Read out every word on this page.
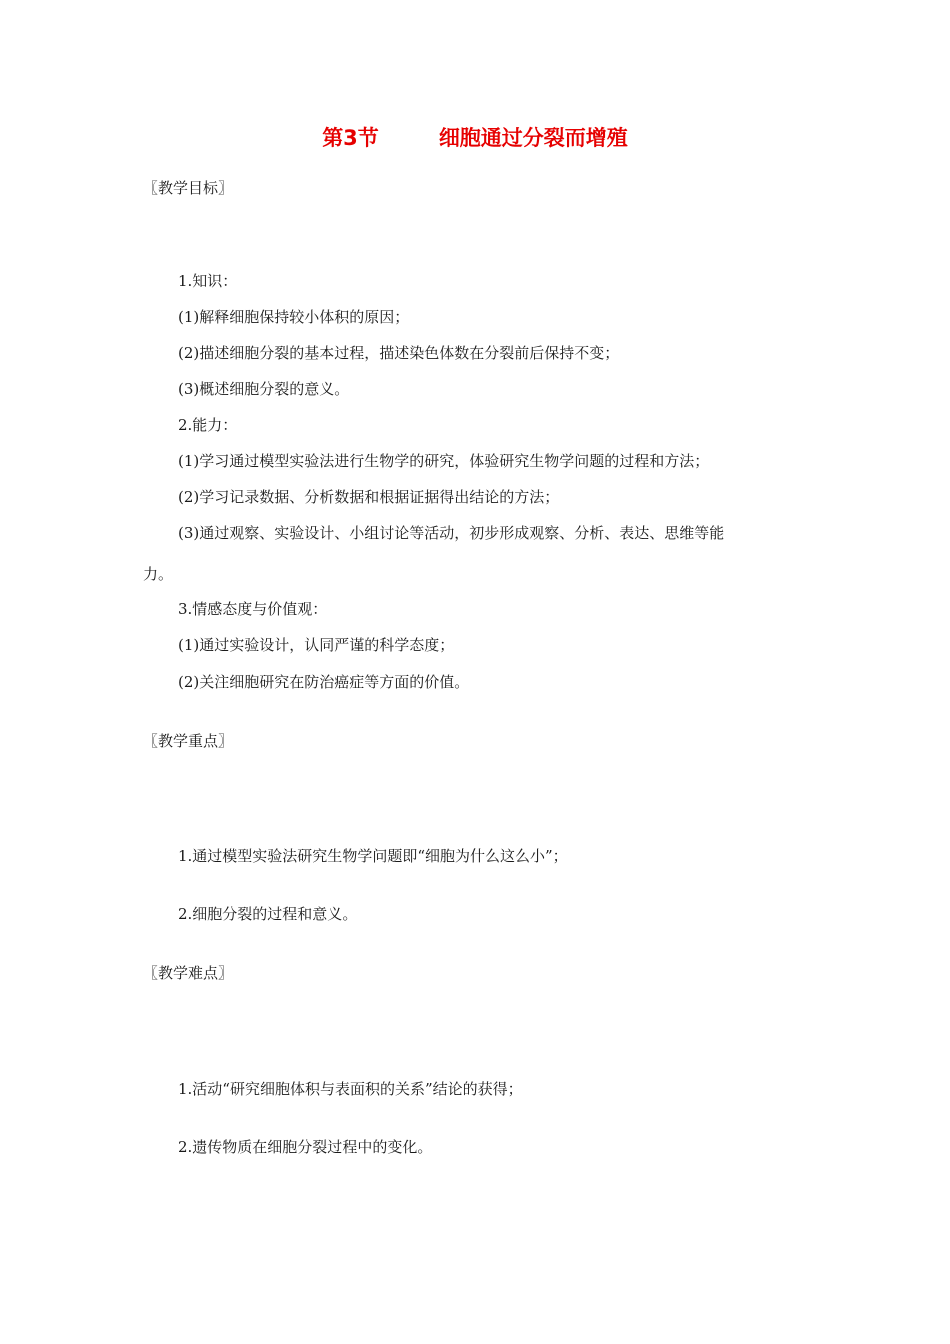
第3节	细胞通过分裂而增殖
〖教学目标〗
1.知识：
(1)解释细胞保持较小体积的原因；
(2)描述细胞分裂的基本过程，描述染色体数在分裂前后保持不变；
(3)概述细胞分裂的意义。
2.能力：
(1)学习通过模型实验法进行生物学的研究，体验研究生物学问题的过程和方法；
(2)学习记录数据、分析数据和根据证据得出结论的方法；
(3)通过观察、实验设计、小组讨论等活动，初步形成观察、分析、表达、思维等能
力。
3.情感态度与价值观：
(1)通过实验设计，认同严谨的科学态度；
(2)关注细胞研究在防治癌症等方面的价值。
〖教学重点〗
1.通过模型实验法研究生物学问题即“细胞为什么这么小”；
2.细胞分裂的过程和意义。
〖教学难点〗
1.活动“研究细胞体积与表面积的关系”结论的获得；
2.遗传物质在细胞分裂过程中的变化。
